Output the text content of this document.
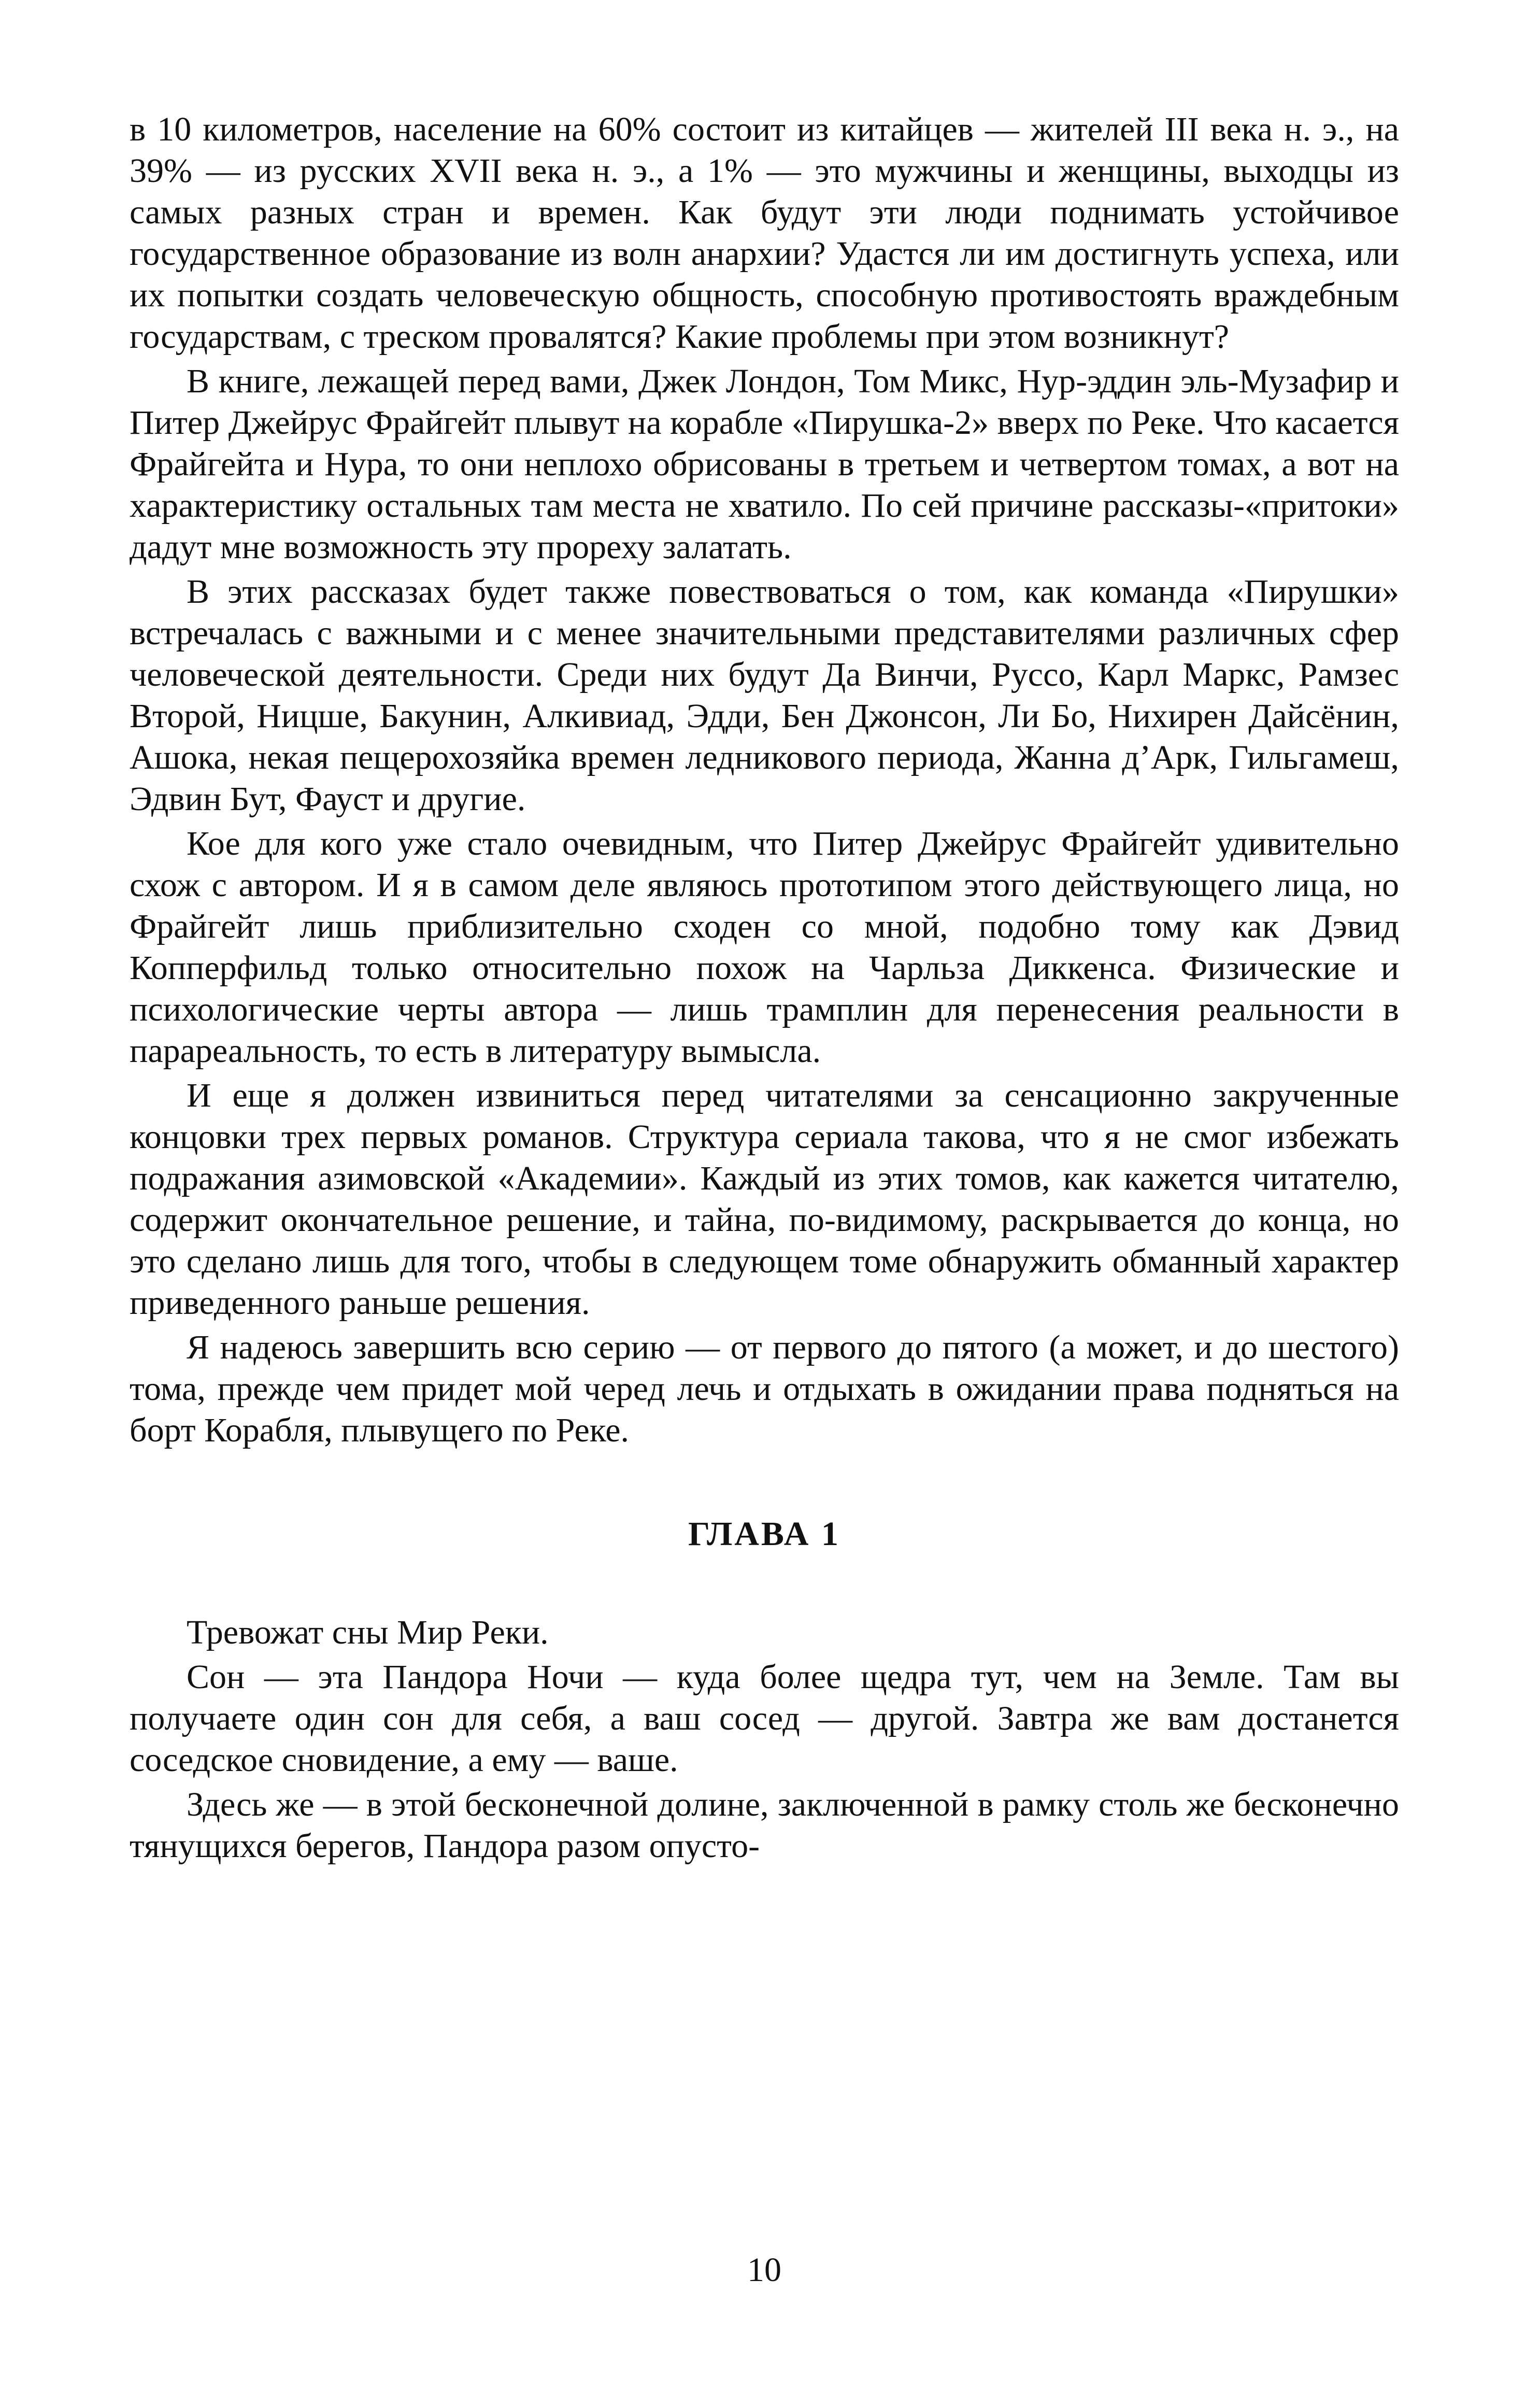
в 10 километров, население на 60% состоит из китайцев — жителей III века н. э., на 39% — из русских XVII века н. э., а 1% — это мужчины и женщины, выходцы из самых разных стран и времен. Как будут эти люди поднимать устойчивое государственное образование из волн анархии? Удастся ли им достигнуть успеха, или их попытки создать человеческую общность, способную противостоять враждебным государствам, с треском провалятся? Какие проблемы при этом возникнут?

В книге, лежащей перед вами, Джек Лондон, Том Микс, Нур-эддин эль-Музафир и Питер Джейрус Фрайгейт плывут на корабле «Пирушка-2» вверх по Реке. Что касается Фрайгейта и Нура, то они неплохо обрисованы в третьем и четвертом томах, а вот на характеристику остальных там места не хватило. По сей причине рассказы-«притоки» дадут мне возможность эту прореху залатать.

В этих рассказах будет также повествоваться о том, как команда «Пирушки» встречалась с важными и с менее значительными представителями различных сфер человеческой деятельности. Среди них будут Да Винчи, Руссо, Карл Маркс, Рамзес Второй, Ницше, Бакунин, Алкивиад, Эдди, Бен Джонсон, Ли Бо, Нихирен Дайсёнин, Ашока, некая пещерохозяйка времен ледникового периода, Жанна д’Арк, Гильгамеш, Эдвин Бут, Фауст и другие.

Кое для кого уже стало очевидным, что Питер Джейрус Фрайгейт удивительно схож с автором. И я в самом деле являюсь прототипом этого действующего лица, но Фрайгейт лишь приблизительно сходен со мной, подобно тому как Дэвид Копперфильд только относительно похож на Чарльза Диккенса. Физические и психологические черты автора — лишь трамплин для перенесения реальности в парареальность, то есть в литературу вымысла.

И еще я должен извиниться перед читателями за сенсационно закрученные концовки трех первых романов. Структура сериала такова, что я не смог избежать подражания азимовской «Академии». Каждый из этих томов, как кажется читателю, содержит окончательное решение, и тайна, по-видимому, раскрывается до конца, но это сделано лишь для того, чтобы в следующем томе обнаружить обманный характер приведенного раньше решения.

Я надеюсь завершить всю серию — от первого до пятого (а может, и до шестого) тома, прежде чем придет мой черед лечь и отдыхать в ожидании права подняться на борт Корабля, плывущего по Реке.

ГЛАВА 1

Тревожат сны Мир Реки.

Сон — эта Пандора Ночи — куда более щедра тут, чем на Земле. Там вы получаете один сон для себя, а ваш сосед — другой. Завтра же вам достанется соседское сновидение, а ему — ваше.

Здесь же — в этой бесконечной долине, заключенной в рамку столь же бесконечно тянущихся берегов, Пандора разом опусто-

10
